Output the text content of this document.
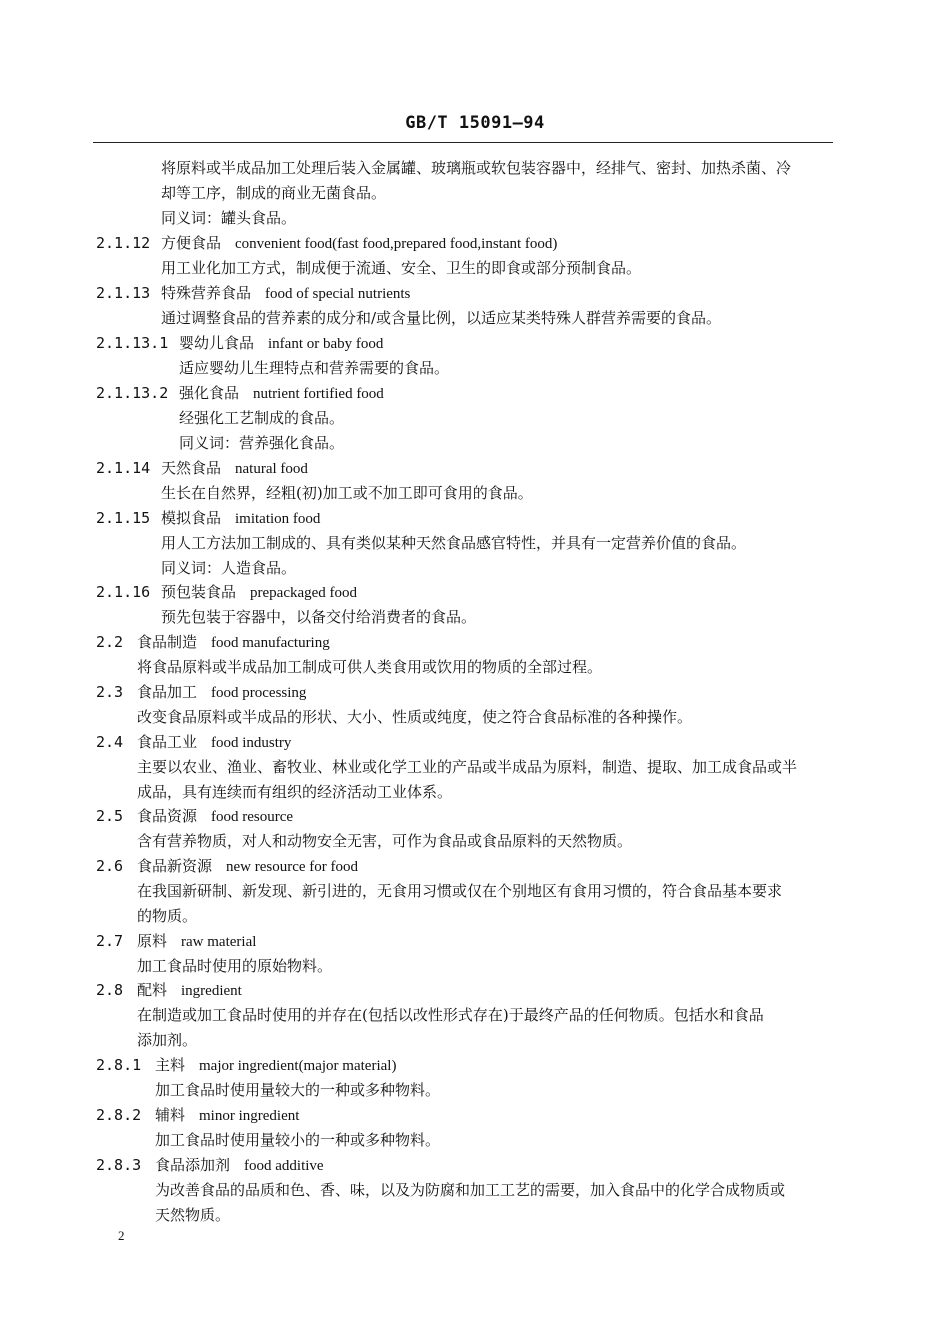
GB/T 15091—94
将原料或半成品加工处理后装入金属罐、玻璃瓶或软包装容器中，经排气、密封、加热杀菌、冷
却等工序，制成的商业无菌食品。
同义词：罐头食品。
2.1.12 方便食品 convenient food(fast food,prepared food,instant food)
用工业化加工方式，制成便于流通、安全、卫生的即食或部分预制食品。
2.1.13 特殊营养食品 food of special nutrients
通过调整食品的营养素的成分和/或含量比例，以适应某类特殊人群营养需要的食品。
2.1.13.1 婴幼儿食品 infant or baby food
适应婴幼儿生理特点和营养需要的食品。
2.1.13.2 强化食品 nutrient fortified food
经强化工艺制成的食品。
同义词：营养强化食品。
2.1.14 天然食品 natural food
生长在自然界，经粗(初)加工或不加工即可食用的食品。
2.1.15 模拟食品 imitation food
用人工方法加工制成的、具有类似某种天然食品感官特性，并具有一定营养价值的食品。
同义词：人造食品。
2.1.16 预包装食品 prepackaged food
预先包装于容器中，以备交付给消费者的食品。
2.2 食品制造 food manufacturing
将食品原料或半成品加工制成可供人类食用或饮用的物质的全部过程。
2.3 食品加工 food processing
改变食品原料或半成品的形状、大小、性质或纯度，使之符合食品标准的各种操作。
2.4 食品工业 food industry
主要以农业、渔业、畜牧业、林业或化学工业的产品或半成品为原料，制造、提取、加工成食品或半
成品，具有连续而有组织的经济活动工业体系。
2.5 食品资源 food resource
含有营养物质，对人和动物安全无害，可作为食品或食品原料的天然物质。
2.6 食品新资源 new resource for food
在我国新研制、新发现、新引进的，无食用习惯或仅在个别地区有食用习惯的，符合食品基本要求
的物质。
2.7 原料 raw material
加工食品时使用的原始物料。
2.8 配料 ingredient
在制造或加工食品时使用的并存在(包括以改性形式存在)于最终产品的任何物质。包括水和食品
添加剂。
2.8.1 主料 major ingredient(major material)
加工食品时使用量较大的一种或多种物料。
2.8.2 辅料 minor ingredient
加工食品时使用量较小的一种或多种物料。
2.8.3 食品添加剂 food additive
为改善食品的品质和色、香、味，以及为防腐和加工工艺的需要，加入食品中的化学合成物质或
天然物质。
2
